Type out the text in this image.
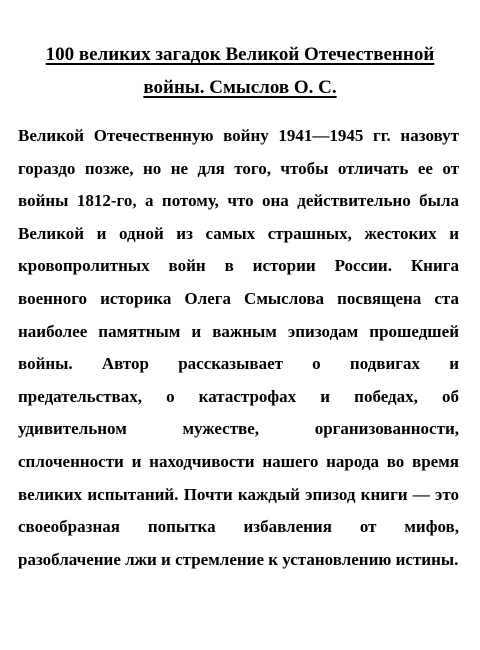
100 великих загадок Великой Отечественной
войны. Смыслов О. С.

Великой Отечественную войну 1941—1945 гг. назовут гораздо позже, но не для того, чтобы отличать ее от войны 1812-го, а потому, что она действительно была Великой и одной из самых страшных, жестоких и кровопролитных войн в истории России. Книга военного историка Олега Смыслова посвящена ста наиболее памятным и важным эпизодам прошедшей войны. Автор рассказывает о подвигах и предательствах, о катастрофах и победах, об удивительном мужестве, организованности, сплоченности и находчивости нашего народа во время великих испытаний. Почти каждый эпизод книги — это своеобразная попытка избавления от мифов, разоблачение лжи и стремление к установлению истины.
